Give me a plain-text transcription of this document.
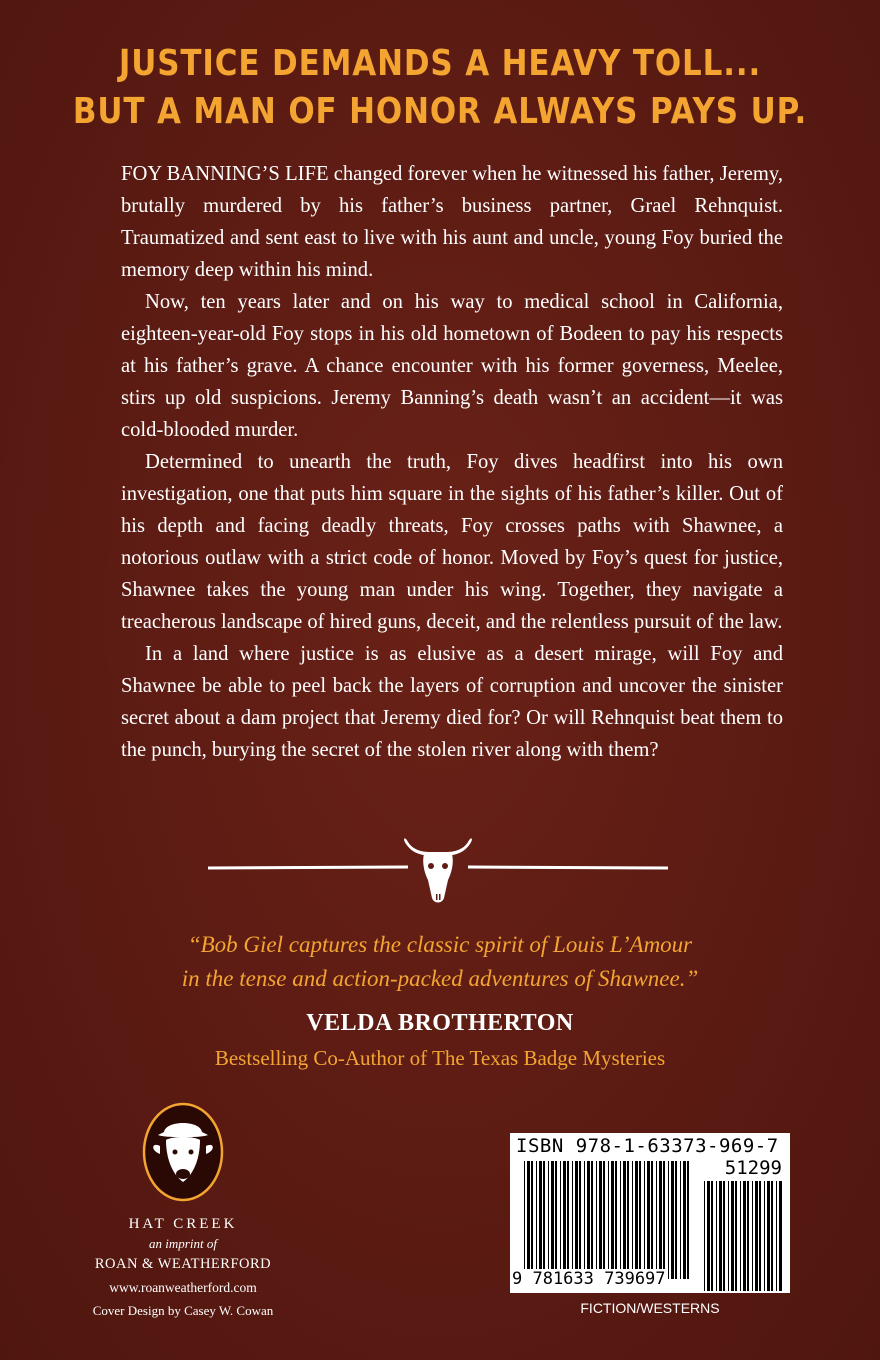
JUSTICE DEMANDS A HEAVY TOLL...
BUT A MAN OF HONOR ALWAYS PAYS UP.

FOY BANNING’S LIFE changed forever when he witnessed his father, Jeremy, brutally murdered by his father’s business partner, Grael Rehnquist. Traumatized and sent east to live with his aunt and uncle, young Foy buried the memory deep within his mind.

Now, ten years later and on his way to medical school in California, eighteen-year-old Foy stops in his old hometown of Bodeen to pay his respects at his father’s grave. A chance encounter with his former governess, Meelee, stirs up old suspicions. Jeremy Banning’s death wasn’t an accident—it was cold-blooded murder.

Determined to unearth the truth, Foy dives headfirst into his own investigation, one that puts him square in the sights of his father’s killer. Out of his depth and facing deadly threats, Foy crosses paths with Shawnee, a notorious outlaw with a strict code of honor. Moved by Foy’s quest for justice, Shawnee takes the young man under his wing. Together, they navigate a treacherous landscape of hired guns, deceit, and the relentless pursuit of the law.

In a land where justice is as elusive as a desert mirage, will Foy and Shawnee be able to peel back the layers of corruption and uncover the sinister secret about a dam project that Jeremy died for? Or will Rehnquist beat them to the punch, burying the secret of the stolen river along with them?

“Bob Giel captures the classic spirit of Louis L’Amour
in the tense and action-packed adventures of Shawnee.”
VELDA BROTHERTON
Bestselling Co-Author of The Texas Badge Mysteries
HAT CREEK
an imprint of
ROAN & WEATHERFORD
www.roanweatherford.com
Cover Design by Casey W. Cowan
ISBN 978-1-63373-969-7
51299
9 781633 739697
FICTION/WESTERNS
